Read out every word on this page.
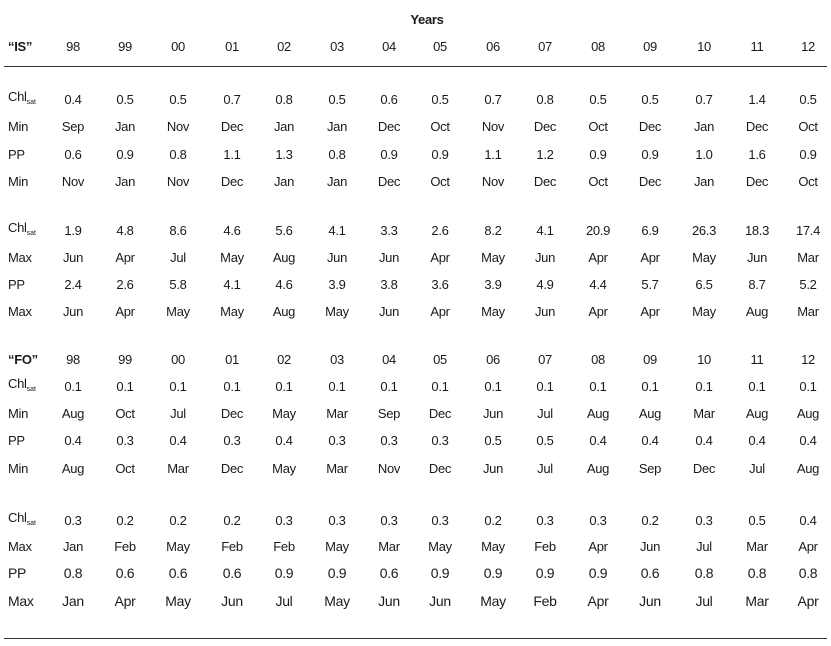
Years
“IS”	98	99	00	01	02	03	04	05	06	07	08	09	10	11	12
Chl$_{sat}$ 0.4	0.5	0.5	0.7	0.8	0.5	0.6	0.5	0.7	0.8	0.5	0.5	0.7	1.4	0.5
Min	Sep Jan Nov Dec Jan	Jan Dec Oct Nov Dec Oct Dec	Jan Dec Oct
PP	0.6	0.9	0.8	1.1	1.3	0.8	0.9	0.9	1.1	1.2	0.9	0.9	1.0	1.6	0.9
Min	Nov Jan Nov Dec Jan	Jan Dec Oct Nov Dec Oct Dec	Jan Dec Oct
Chl$_{sat}$ 1.9	4.8	8.6	4.6	5.6	4.1	3.3	2.6	8.2	4.1 20.9 6.9	26.3 18.3 17.4
Max Jun Apr	Jul	May Aug Jun Jun Apr May Jun	Apr	Apr May Jun Mar
PP	2.4	2.6	5.8	4.1	4.6	3.9	3.8	3.6	3.9	4.9	4.4	5.7	6.5	8.7	5.2
Max Jun Apr May May Aug May Jun Apr May Jun	Apr	Apr May Aug Mar
“FO” 98	99	00	01	02	03	04	05	06	07	08	09	10	11	12
Chl$_{sat}$ 0.1	0.1	0.1	0.1	0.1	0.1	0.1	0.1	0.1	0.1	0.1	0.1	0.1	0.1	0.1
Min	Aug Oct	Jul	Dec May Mar Sep Dec Jun	Jul	Aug Aug Mar Aug Aug
PP	0.4	0.3	0.4	0.3	0.4	0.3	0.3	0.3	0.5	0.5	0.4	0.4	0.4	0.4	0.4
Min	Aug Oct	Mar Dec May Mar Nov Dec Jun	Jul	Aug Sep Dec	Jul Aug
Chl$_{sat}$ 0.3	0.2	0.2	0.2	0.3	0.3	0.3	0.3	0.2	0.3	0.3	0.2	0.3	0.5	0.4
Max Jan Feb May Feb Feb May Mar May May Feb	Apr Jun	Jul	Mar Apr
PP	0.8 0.6 0.6	0.6 0.9 0.9 0.6 0.9 0.9 0.9 0.9 0.6	0.8 0.8 0.8
Max Jan Apr May Jun Jul May Jun Jun May Feb Apr Jun Jul Mar Apr
